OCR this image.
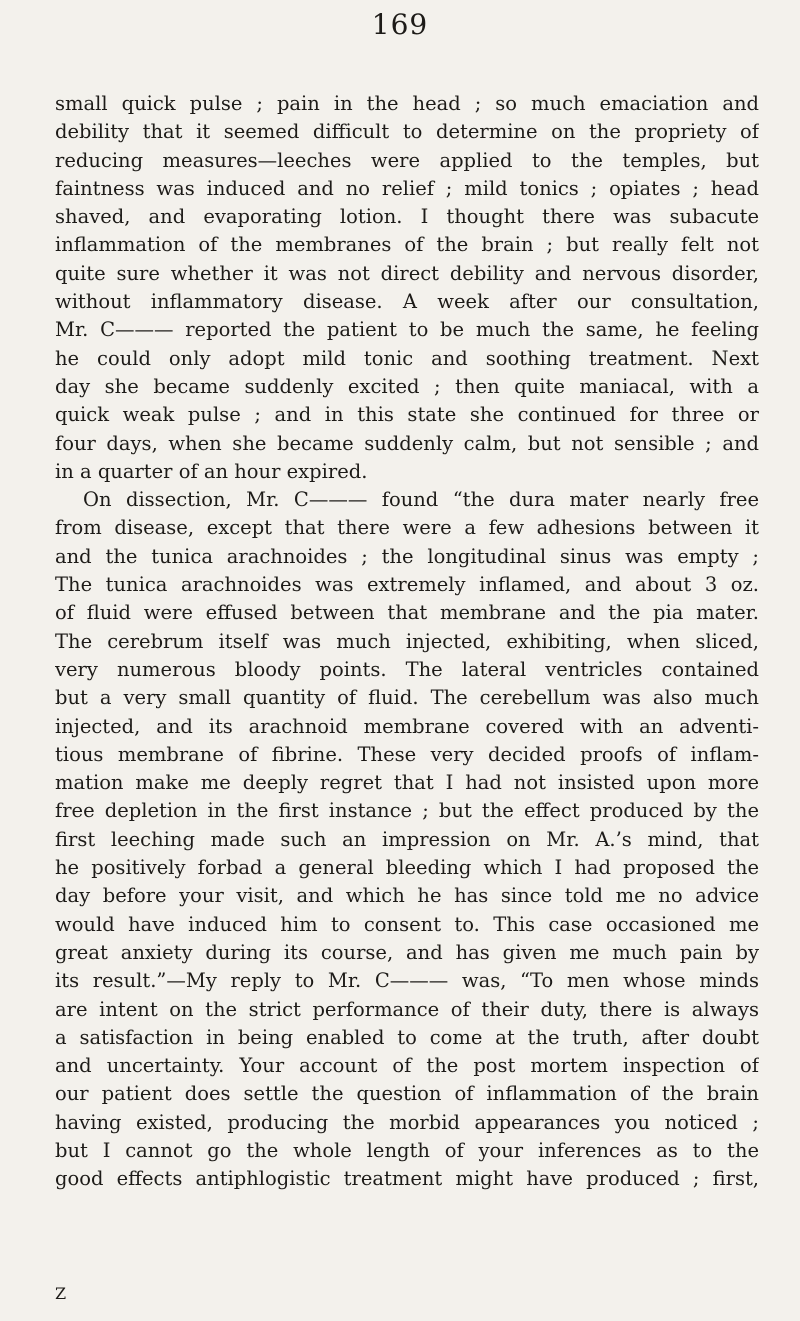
169
small quick pulse ; pain in the head ; so much emaciation and
debility that it seemed difficult to determine on the propriety of
reducing measures—leeches were applied to the temples, but
faintness was induced and no relief ; mild tonics ; opiates ; head
shaved, and evaporating lotion. I thought there was subacute
inflammation of the membranes of the brain ; but really felt not
quite sure whether it was not direct debility and nervous disorder,
without inflammatory disease. A week after our consultation,
Mr. C——— reported the patient to be much the same, he feeling
he could only adopt mild tonic and soothing treatment. Next
day she became suddenly excited ; then quite maniacal, with a
quick weak pulse ; and in this state she continued for three or
four days, when she became suddenly calm, but not sensible ; and
in a quarter of an hour expired.
On dissection, Mr. C——— found “the dura mater nearly free
from disease, except that there were a few adhesions between it
and the tunica arachnoides ; the longitudinal sinus was empty ;
The tunica arachnoides was extremely inflamed, and about 3 oz.
of fluid were effused between that membrane and the pia mater.
The cerebrum itself was much injected, exhibiting, when sliced,
very numerous bloody points. The lateral ventricles contained
but a very small quantity of fluid. The cerebellum was also much
injected, and its arachnoid membrane covered with an adventi-
tious membrane of fibrine. These very decided proofs of inflam-
mation make me deeply regret that I had not insisted upon more
free depletion in the first instance ; but the effect produced by the
first leeching made such an impression on Mr. A.’s mind, that
he positively forbad a general bleeding which I had proposed the
day before your visit, and which he has since told me no advice
would have induced him to consent to. This case occasioned me
great anxiety during its course, and has given me much pain by
its result.”—My reply to Mr. C——— was, “To men whose minds
are intent on the strict performance of their duty, there is always
a satisfaction in being enabled to come at the truth, after doubt
and uncertainty. Your account of the post mortem inspection of
our patient does settle the question of inflammation of the brain
having existed, producing the morbid appearances you noticed ;
but I cannot go the whole length of your inferences as to the
good effects antiphlogistic treatment might have produced ; first,
Z
